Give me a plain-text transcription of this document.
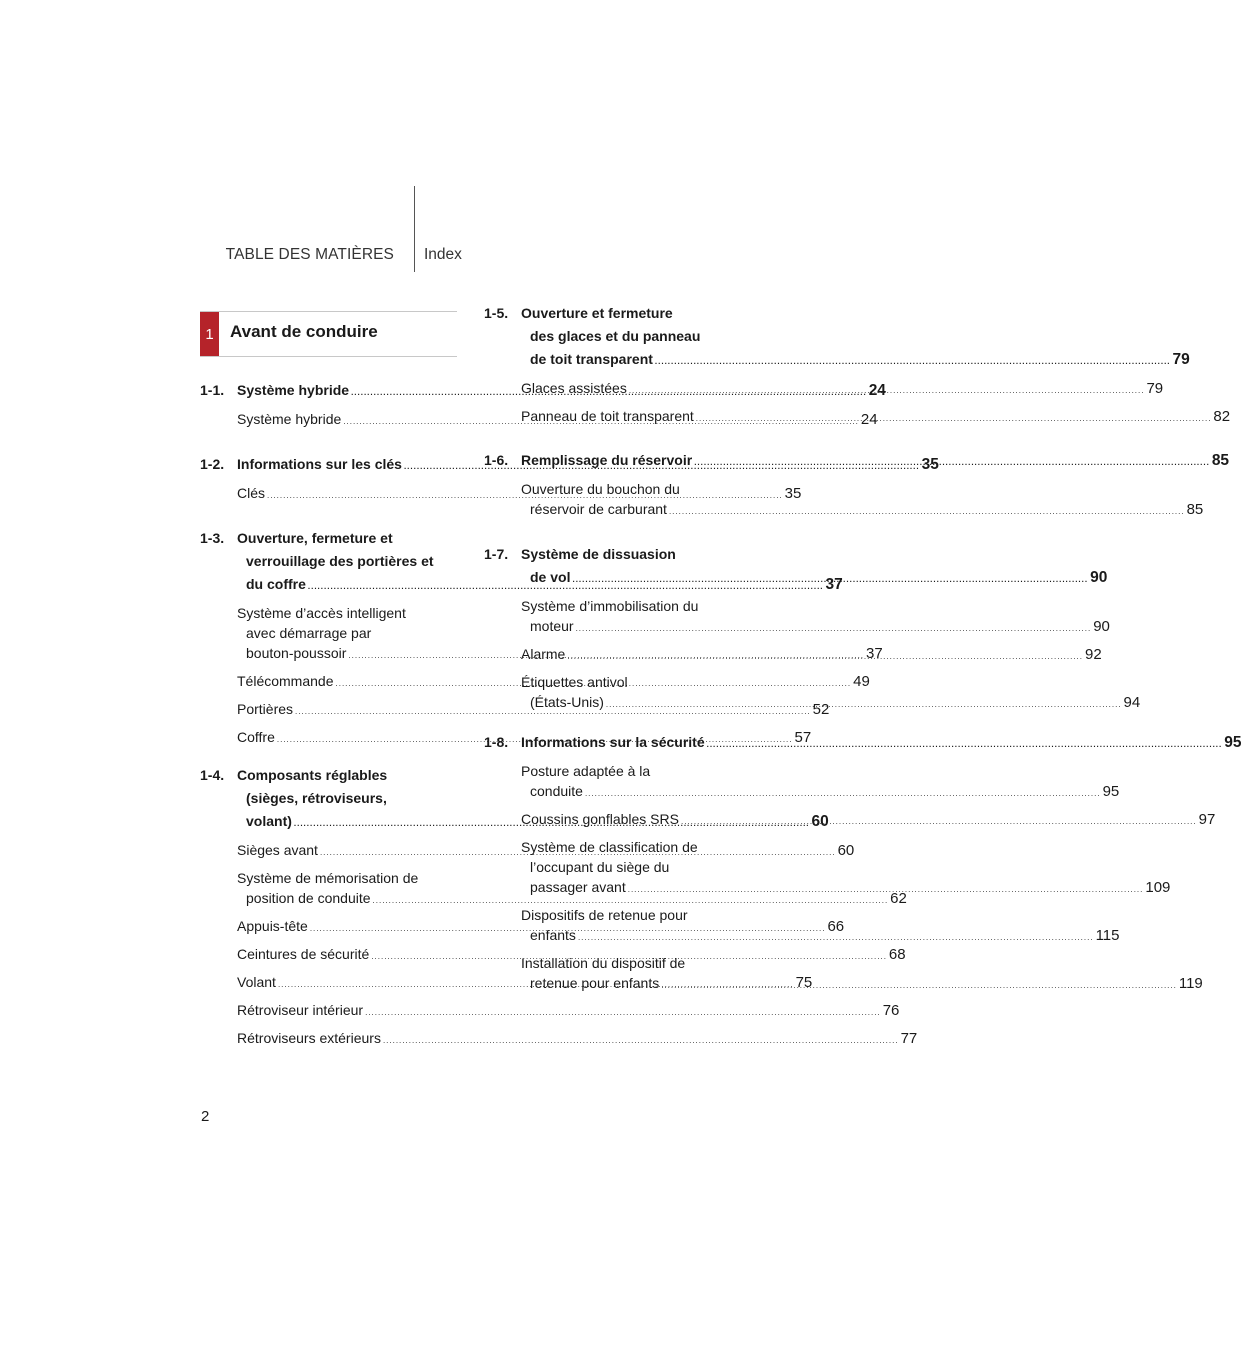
TABLE DES MATIÈRES Index
1 Avant de conduire
2
1-1. Système hybride .....	24
Système hybride .....	24
1-2. Informations sur les clés .....	35
Clés .....	35
1-3. Ouverture, fermeture et
verrouillage des portières et
du coffre .....	37
Système d’accès intelligent
avec démarrage par
bouton-poussoir .....	37
Télécommande .....	49
Portières .....	52
Coffre .....	57
1-4. Composants réglables
(sièges, rétroviseurs,
volant) .....	60
Sièges avant .....	60
Système de mémorisation de
position de conduite .....	62
Appuis-tête .....	66
Ceintures de sécurité .....	68
Volant .....	75
Rétroviseur intérieur .....	76
Rétroviseurs extérieurs .....	77
1-5. Ouverture et fermeture
des glaces et du panneau
de toit transparent .....	79
Glaces assistées .....	79
Panneau de toit transparent .....	82
1-6. Remplissage du réservoir .....	85
Ouverture du bouchon du
réservoir de carburant .....	85
1-7. Système de dissuasion
de vol .....	90
Système d’immobilisation du
moteur .....	90
Alarme .....	92
Étiquettes antivol
(États-Unis) .....	94
1-8. Informations sur la sécurité .....	95
Posture adaptée à la
conduite .....	95
Coussins gonflables SRS .....	97
Système de classification de
l’occupant du siège du
passager avant .....	109
Dispositifs de retenue pour
enfants .....	115
Installation du dispositif de
retenue pour enfants .....	119
